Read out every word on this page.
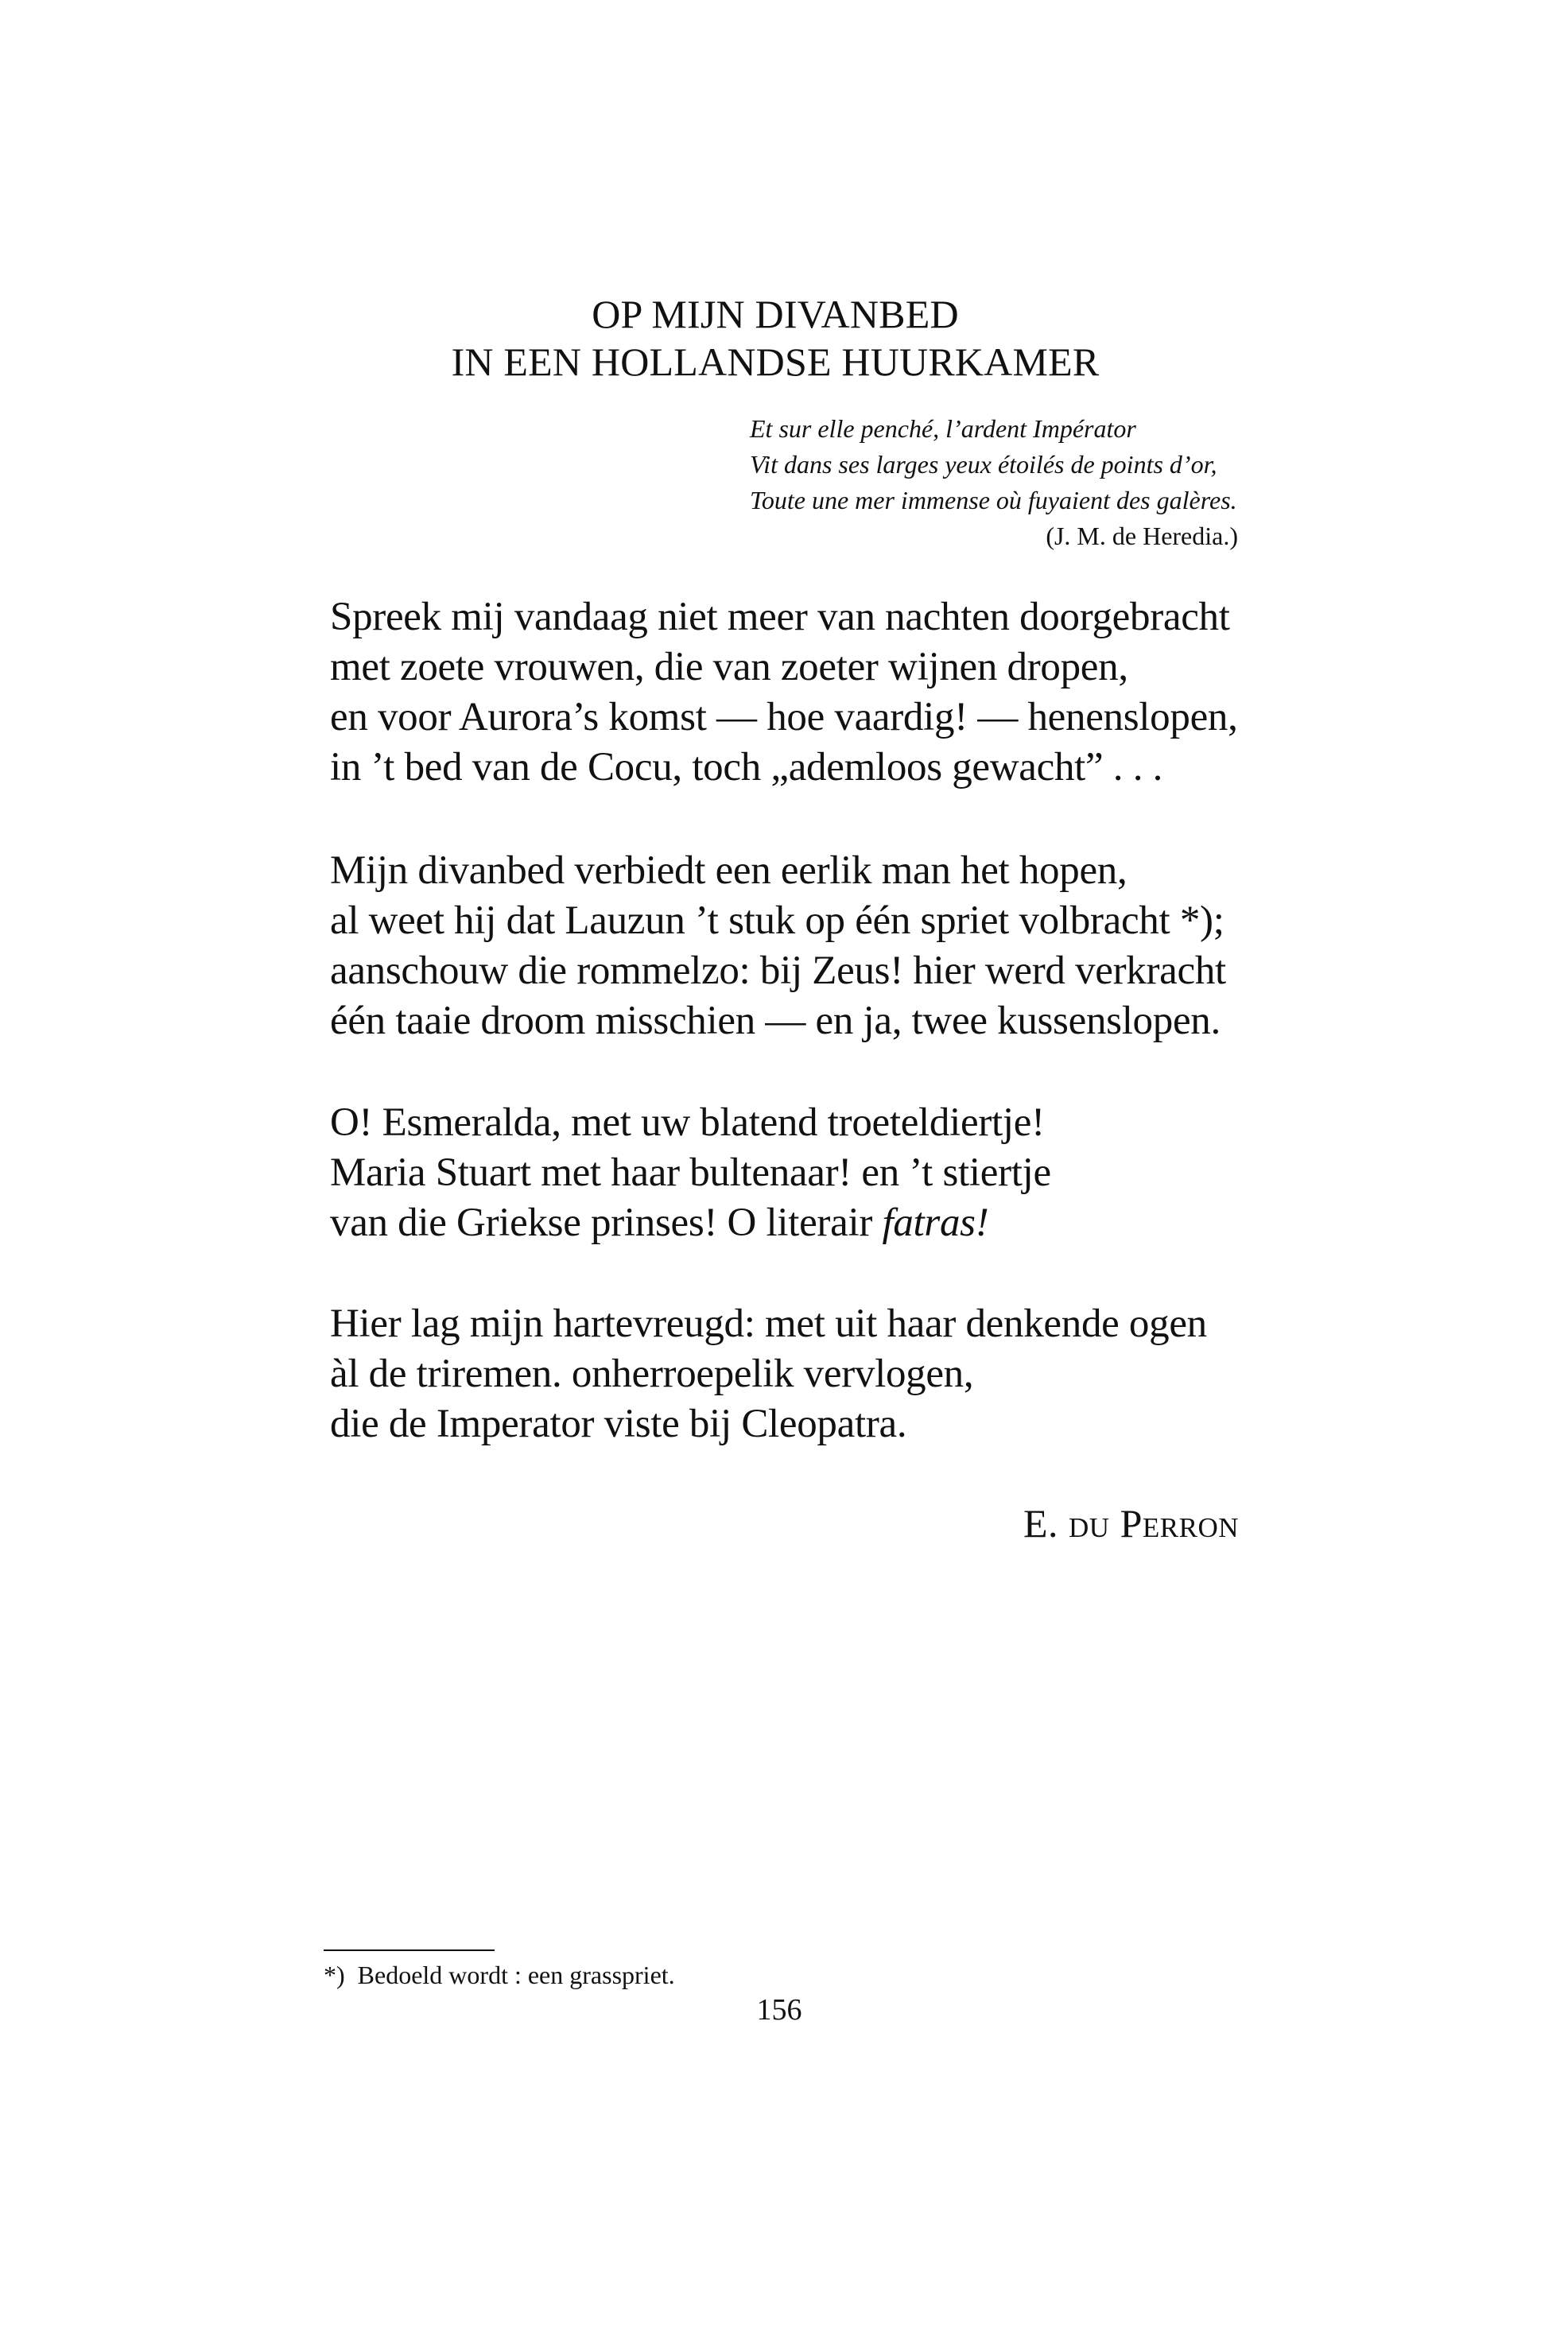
OP MIJN DIVANBED
IN EEN HOLLANDSE HUURKAMER
Et sur elle penché, l’ardent Impérator
Vit dans ses larges yeux étoilés de points d’or,
Toute une mer immense où fuyaient des galères.
(J. M. de Heredia.)
Spreek mij vandaag niet meer van nachten doorgebracht
met zoete vrouwen, die van zoeter wijnen dropen,
en voor Aurora’s komst — hoe vaardig! — henenslopen,
in ’t bed van de Cocu, toch „ademloos gewacht” . . .
Mijn divanbed verbiedt een eerlik man het hopen,
al weet hij dat Lauzun ’t stuk op één spriet volbracht *);
aanschouw die rommelzo: bij Zeus! hier werd verkracht
één taaie droom misschien — en ja, twee kussenslopen.
O! Esmeralda, met uw blatend troeteldiertje!
Maria Stuart met haar bultenaar! en ’t stiertje
van die Griekse prinses! O literair fatras!
Hier lag mijn hartevreugd: met uit haar denkende ogen
àl de triremen. onherroepelik vervlogen,
die de Imperator viste bij Cleopatra.
E. du Perron
*)  Bedoeld wordt : een grasspriet.
156
